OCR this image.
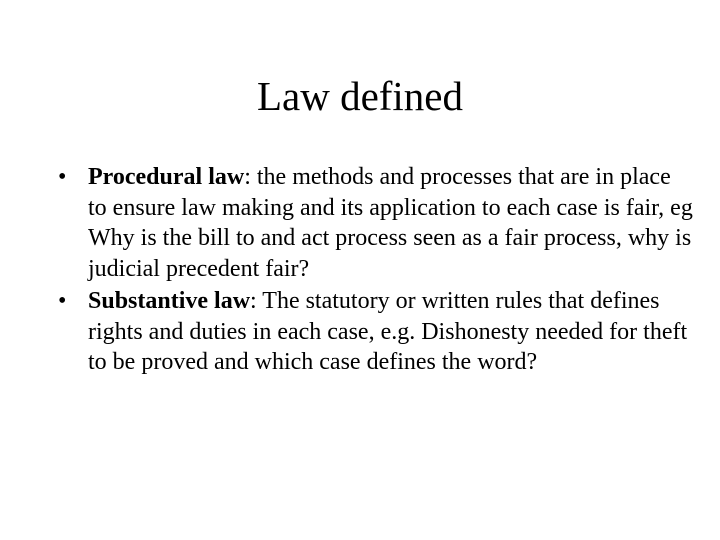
Law defined
• Procedural law: the methods and processes that are in place to ensure law making and its application to each case is fair, eg Why is the bill to and act process seen as a fair process, why is judicial precedent fair?
• Substantive law: The statutory or written rules that defines rights and duties in each case, e.g. Dishonesty needed for theft to be proved and which case defines the word?
